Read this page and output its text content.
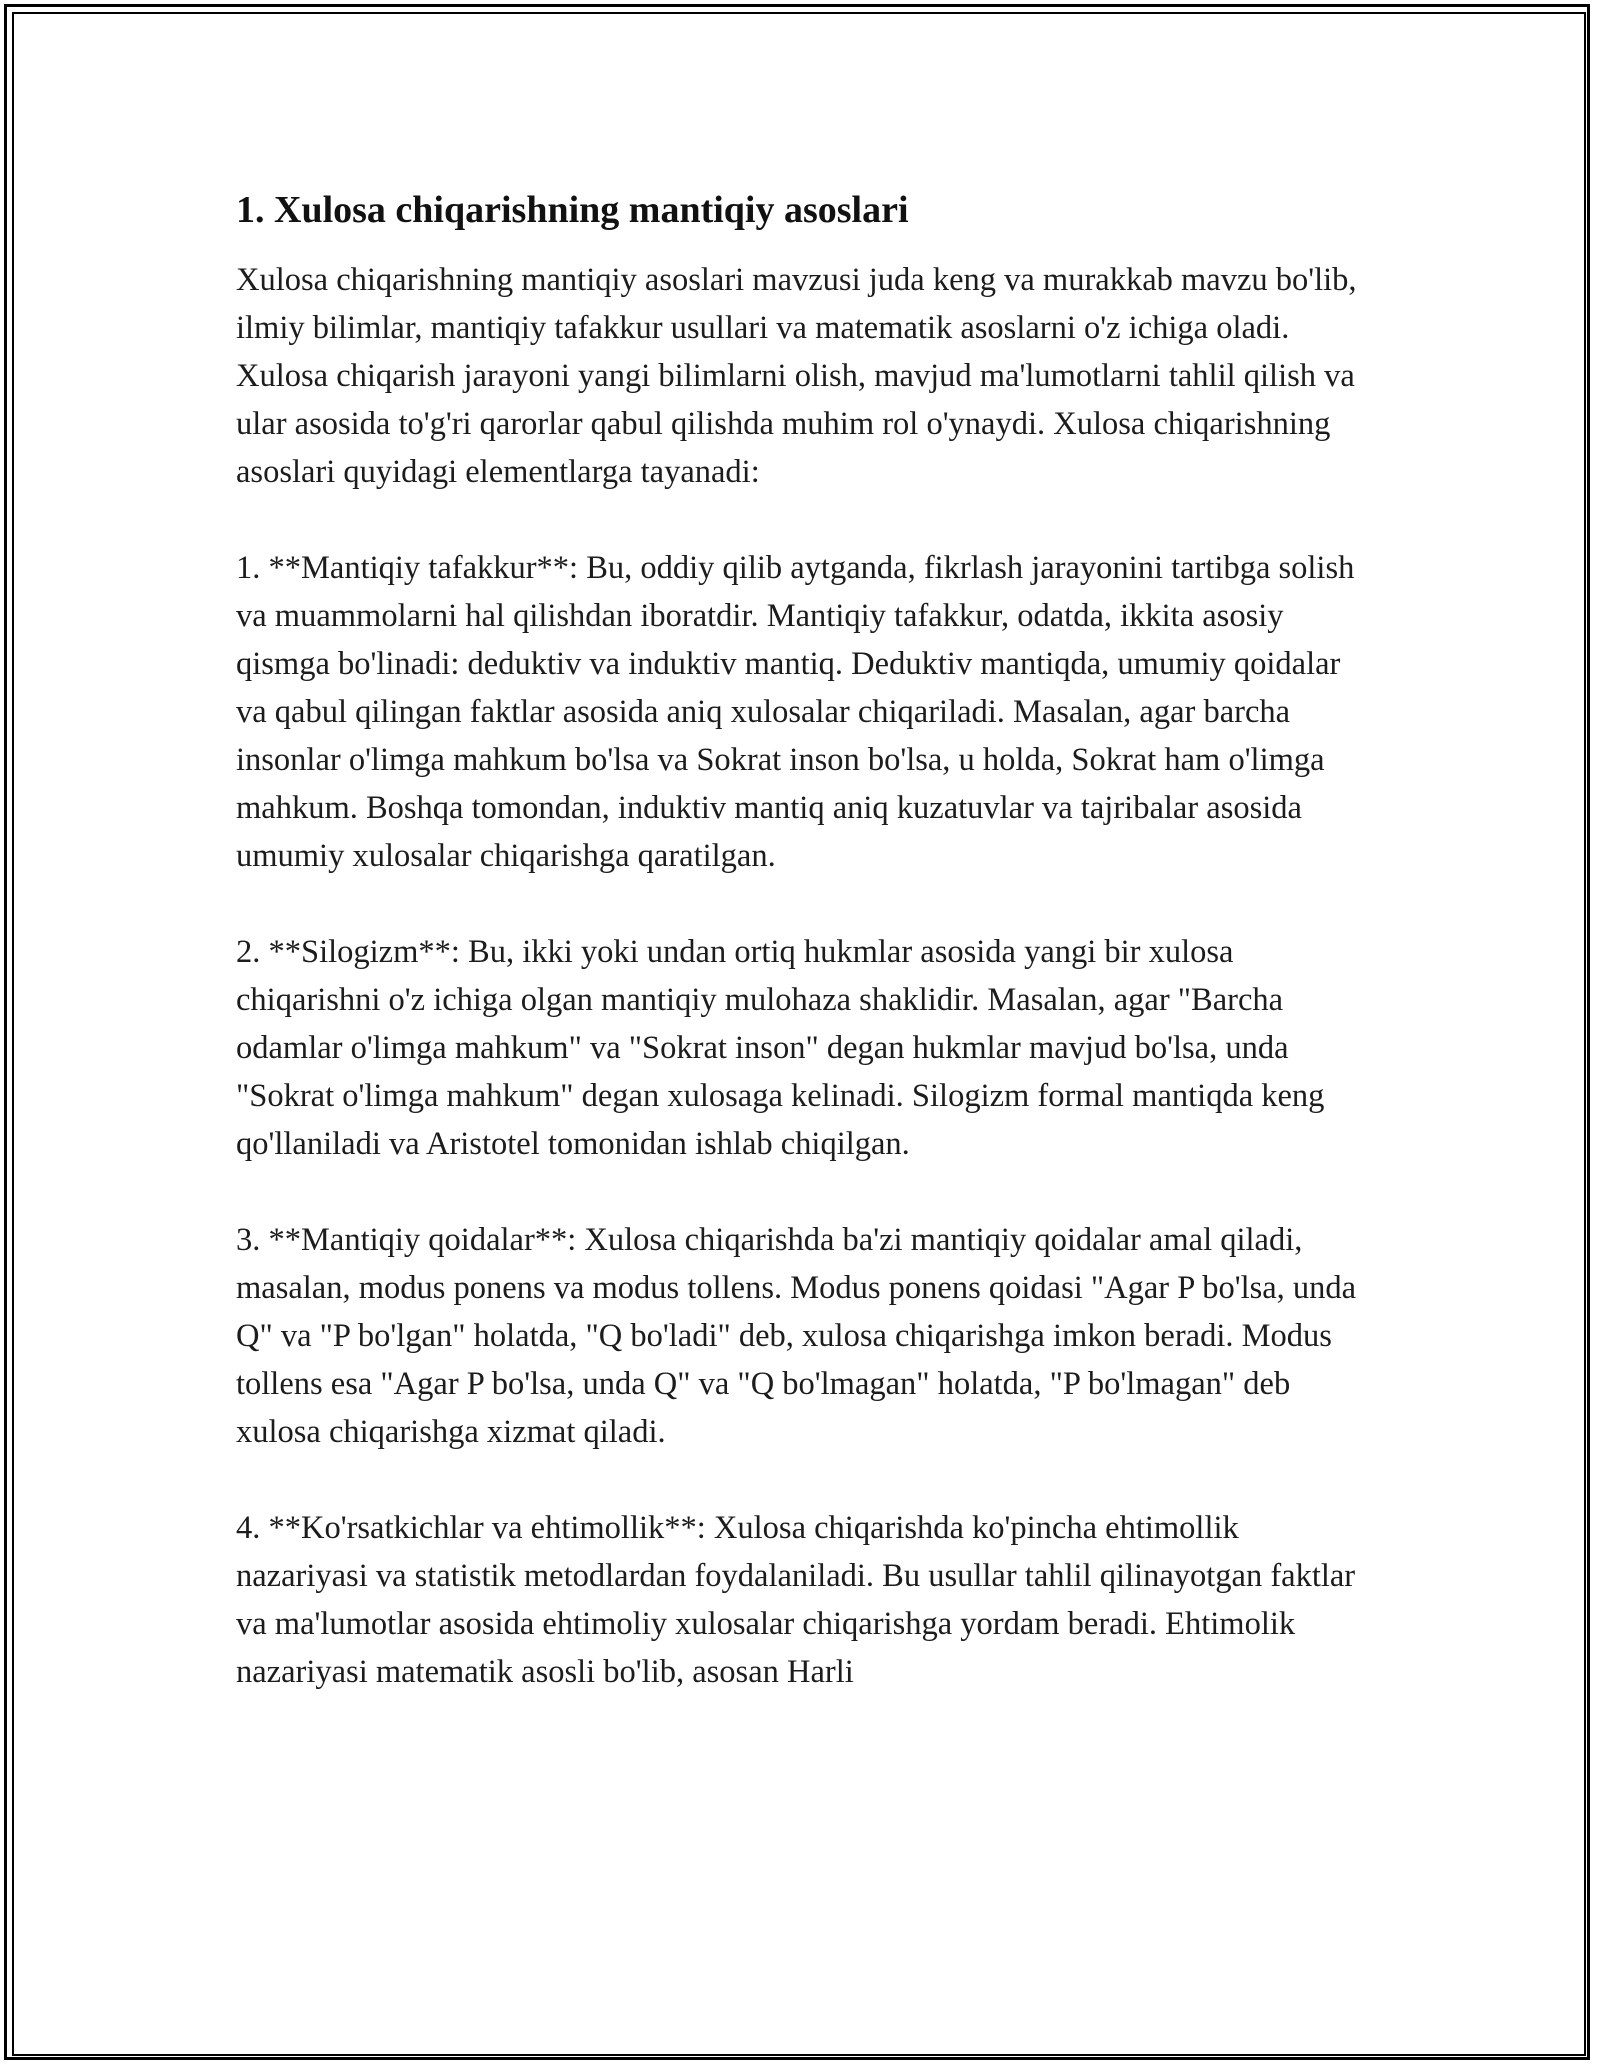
1. Xulosa chiqarishning mantiqiy asoslari

Xulosa chiqarishning mantiqiy asoslari mavzusi juda keng va murakkab mavzu bo'lib, ilmiy bilimlar, mantiqiy tafakkur usullari va matematik asoslarni o'z ichiga oladi. Xulosa chiqarish jarayoni yangi bilimlarni olish, mavjud ma'lumotlarni tahlil qilish va ular asosida to'g'ri qarorlar qabul qilishda muhim rol o'ynaydi. Xulosa chiqarishning asoslari quyidagi elementlarga tayanadi:

1. **Mantiqiy tafakkur**: Bu, oddiy qilib aytganda, fikrlash jarayonini tartibga solish va muammolarni hal qilishdan iboratdir. Mantiqiy tafakkur, odatda, ikkita asosiy qismga bo'linadi: deduktiv va induktiv mantiq. Deduktiv mantiqda, umumiy qoidalar va qabul qilingan faktlar asosida aniq xulosalar chiqariladi. Masalan, agar barcha insonlar o'limga mahkum bo'lsa va Sokrat inson bo'lsa, u holda, Sokrat ham o'limga mahkum. Boshqa tomondan, induktiv mantiq aniq kuzatuvlar va tajribalar asosida umumiy xulosalar chiqarishga qaratilgan.

2. **Silogizm**: Bu, ikki yoki undan ortiq hukmlar asosida yangi bir xulosa chiqarishni o'z ichiga olgan mantiqiy mulohaza shaklidir. Masalan, agar "Barcha odamlar o'limga mahkum" va "Sokrat inson" degan hukmlar mavjud bo'lsa, unda "Sokrat o'limga mahkum" degan xulosaga kelinadi. Silogizm formal mantiqda keng qo'llaniladi va Aristotel tomonidan ishlab chiqilgan.

3. **Mantiqiy qoidalar**: Xulosa chiqarishda ba'zi mantiqiy qoidalar amal qiladi, masalan, modus ponens va modus tollens. Modus ponens qoidasi "Agar P bo'lsa, unda Q" va "P bo'lgan" holatda, "Q bo'ladi" deb, xulosa chiqarishga imkon beradi. Modus tollens esa "Agar P bo'lsa, unda Q" va "Q bo'lmagan" holatda, "P bo'lmagan" deb xulosa chiqarishga xizmat qiladi.

4. **Ko'rsatkichlar va ehtimollik**: Xulosa chiqarishda ko'pincha ehtimollik nazariyasi va statistik metodlardan foydalaniladi. Bu usullar tahlil qilinayotgan faktlar va ma'lumotlar asosida ehtimoliy xulosalar chiqarishga yordam beradi. Ehtimolik nazariyasi matematik asosli bo'lib, asosan Harli
